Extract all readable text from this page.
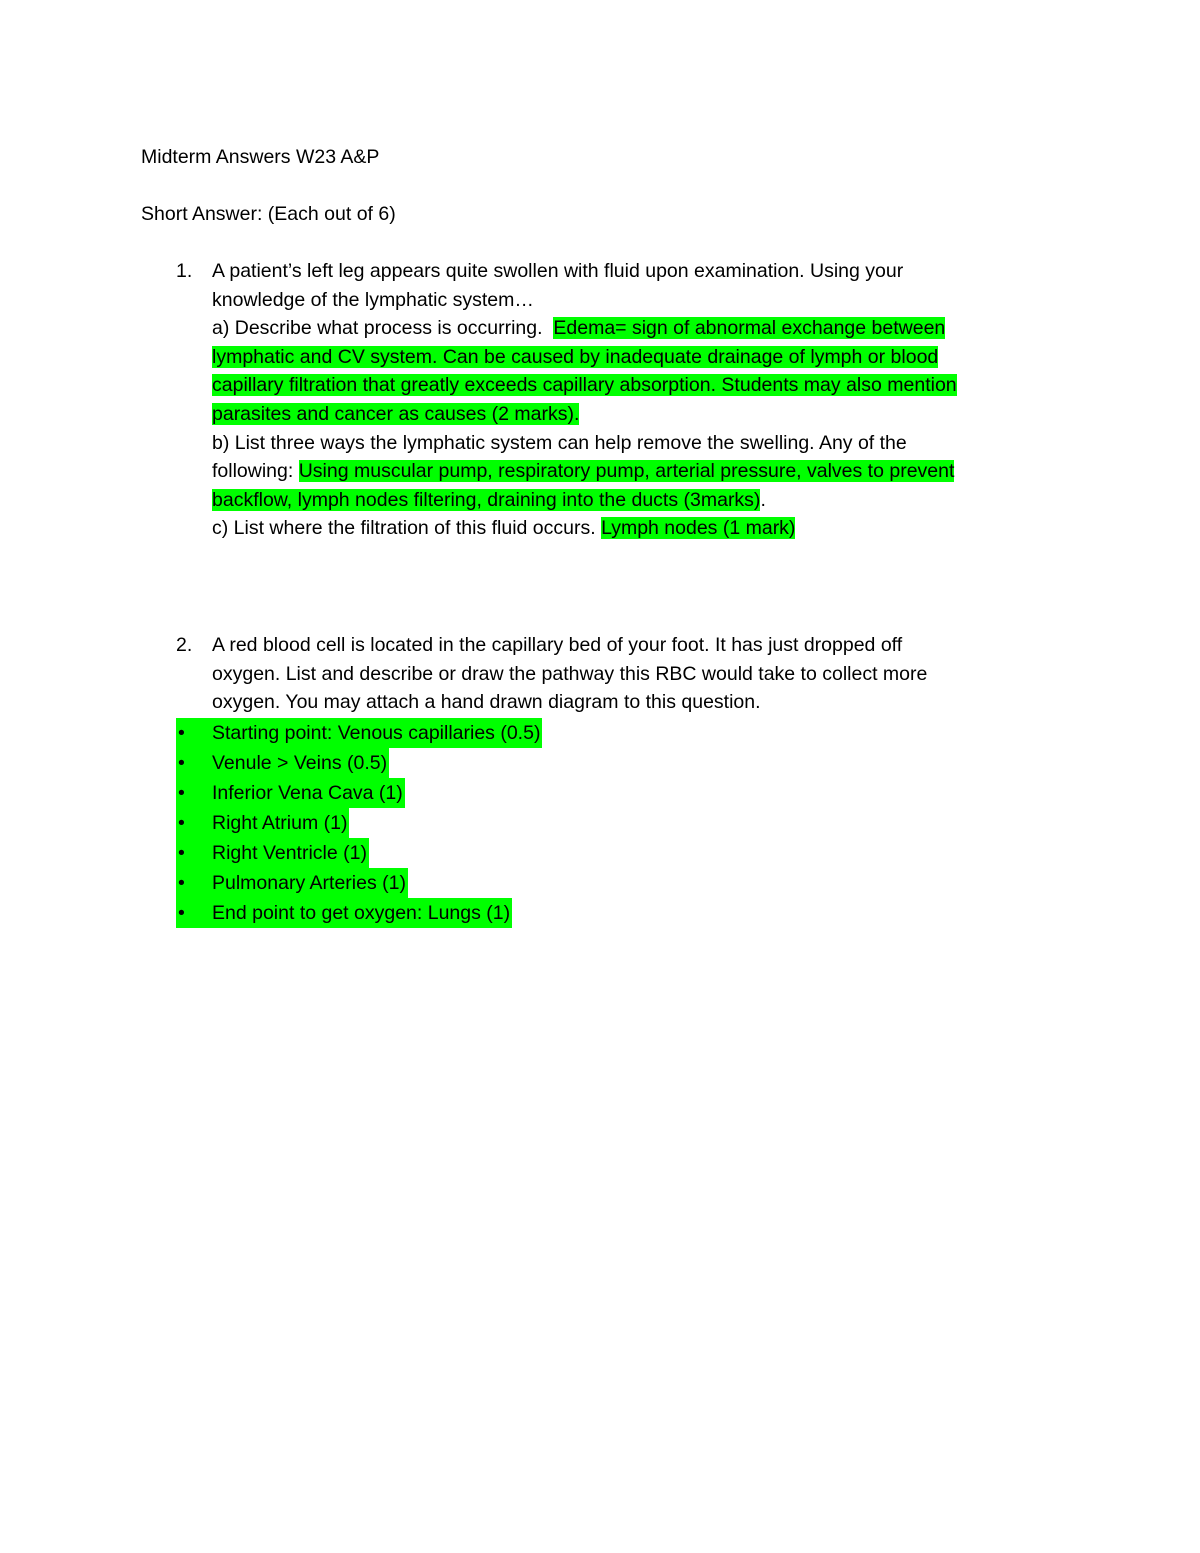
Midterm Answers W23 A&P
Short Answer: (Each out of 6)
1. A patient’s left leg appears quite swollen with fluid upon examination. Using your
knowledge of the lymphatic system…
a) Describe what process is occurring.  Edema= sign of abnormal exchange between
lymphatic and CV system. Can be caused by inadequate drainage of lymph or blood
capillary filtration that greatly exceeds capillary absorption. Students may also mention
parasites and cancer as causes (2 marks).
b) List three ways the lymphatic system can help remove the swelling. Any of the
following: Using muscular pump, respiratory pump, arterial pressure, valves to prevent
backflow, lymph nodes filtering, draining into the ducts (3marks).
c) List where the filtration of this fluid occurs. Lymph nodes (1 mark)
2. A red blood cell is located in the capillary bed of your foot. It has just dropped off
oxygen. List and describe or draw the pathway this RBC would take to collect more
oxygen. You may attach a hand drawn diagram to this question.
• Starting point: Venous capillaries (0.5)
• Venule > Veins (0.5)
• Inferior Vena Cava (1)
• Right Atrium (1)
• Right Ventricle (1)
• Pulmonary Arteries (1)
• End point to get oxygen: Lungs (1)
